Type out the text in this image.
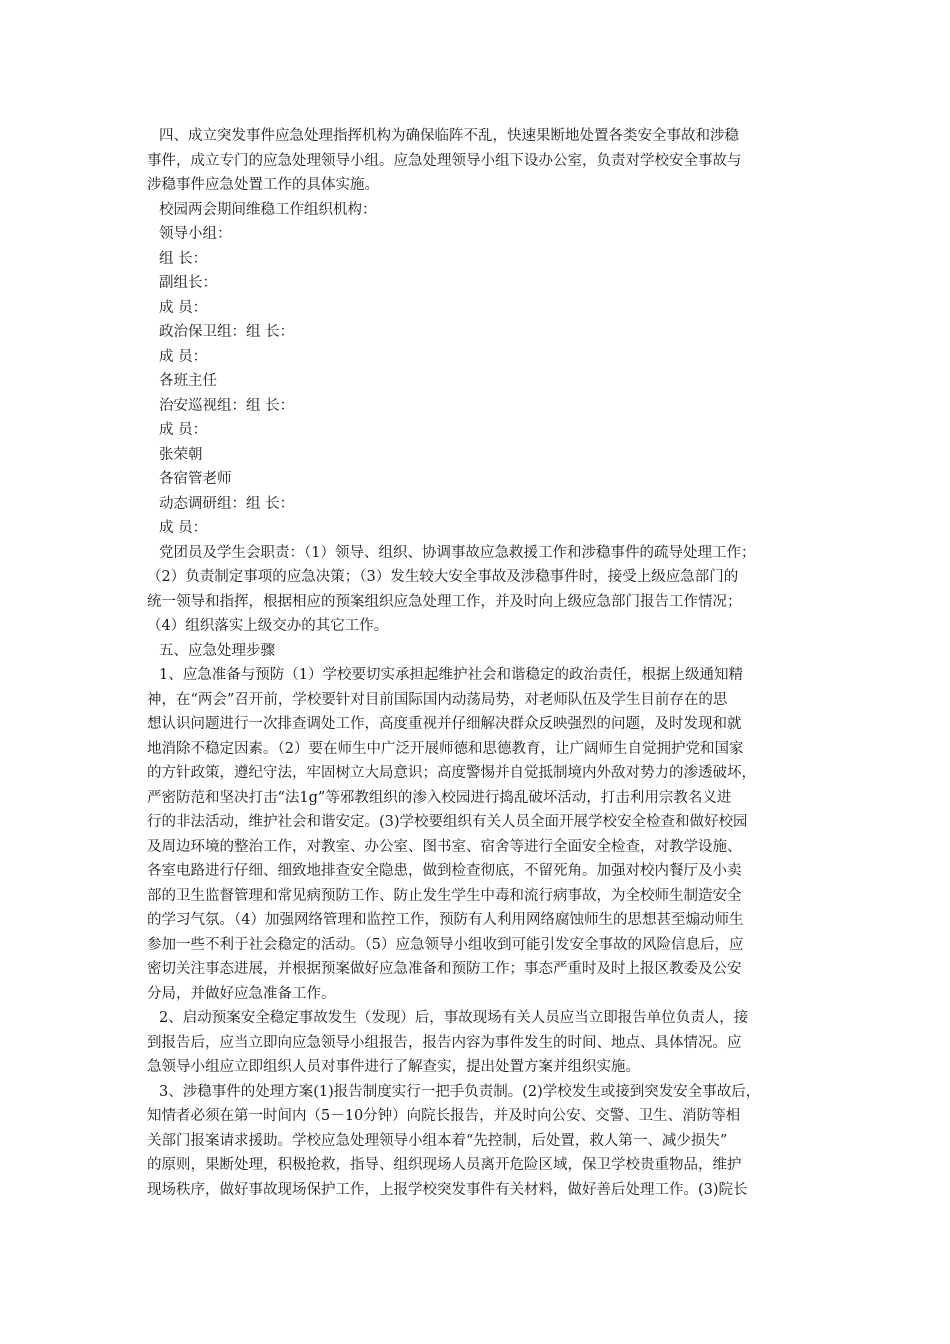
四、成立突发事件应急处理指挥机构为确保临阵不乱，快速果断地处置各类安全事故和涉稳

事件，成立专门的应急处理领导小组。应急处理领导小组下设办公室，负责对学校安全事故与

涉稳事件应急处置工作的具体实施。

校园两会期间维稳工作组织机构：

领导小组：

组 长：

副组长：

成 员：

政治保卫组：组 长：

成 员：

各班主任

治安巡视组：组 长：

成 员：

张荣朝

各宿管老师

动态调研组：组 长：

成 员：

党团员及学生会职责：（1）领导、组织、协调事故应急救援工作和涉稳事件的疏导处理工作；

（2）负责制定事项的应急决策；（3）发生较大安全事故及涉稳事件时，接受上级应急部门的

统一领导和指挥，根据相应的预案组织应急处理工作，并及时向上级应急部门报告工作情况；

（4）组织落实上级交办的其它工作。

五、应急处理步骤

1、应急准备与预防（1）学校要切实承担起维护社会和谐稳定的政治责任，根据上级通知精

神，在“两会”召开前，学校要针对目前国际国内动荡局势，对老师队伍及学生目前存在的思

想认识问题进行一次排查调处工作，高度重视并仔细解决群众反映强烈的问题，及时发现和就

地消除不稳定因素。（2）要在师生中广泛开展师德和思德教育，让广阔师生自觉拥护党和国家

的方针政策，遵纪守法，牢固树立大局意识；高度警惕并自觉抵制境内外敌对势力的渗透破坏，

严密防范和坚决打击“法1g”等邪教组织的渗入校园进行捣乱破坏活动，打击利用宗教名义进

行的非法活动，维护社会和谐安定。(3)学校要组织有关人员全面开展学校安全检查和做好校园

及周边环境的整治工作，对教室、办公室、图书室、宿舍等进行全面安全检查，对教学设施、

各室电路进行仔细、细致地排查安全隐患，做到检查彻底，不留死角。加强对校内餐厅及小卖

部的卫生监督管理和常见病预防工作、防止发生学生中毒和流行病事故，为全校师生制造安全

的学习气氛。（4）加强网络管理和监控工作，预防有人利用网络腐蚀师生的思想甚至煽动师生

参加一些不利于社会稳定的活动。（5）应急领导小组收到可能引发安全事故的风险信息后，应

密切关注事态进展，并根据预案做好应急准备和预防工作；事态严重时及时上报区教委及公安

分局，并做好应急准备工作。

2、启动预案安全稳定事故发生（发现）后，事故现场有关人员应当立即报告单位负责人，接

到报告后，应当立即向应急领导小组报告，报告内容为事件发生的时间、地点、具体情况。应

急领导小组应立即组织人员对事件进行了解查实，提出处置方案并组织实施。

3、涉稳事件的处理方案(1)报告制度实行一把手负责制。(2)学校发生或接到突发安全事故后，

知情者必须在第一时间内（5－10分钟）向院长报告，并及时向公安、交警、卫生、消防等相

关部门报案请求援助。学校应急处理领导小组本着“先控制，后处置，救人第一、减少损失”

的原则，果断处理，积极抢救，指导、组织现场人员离开危险区域，保卫学校贵重物品，维护

现场秩序，做好事故现场保护工作，上报学校突发事件有关材料，做好善后处理工作。(3)院长
